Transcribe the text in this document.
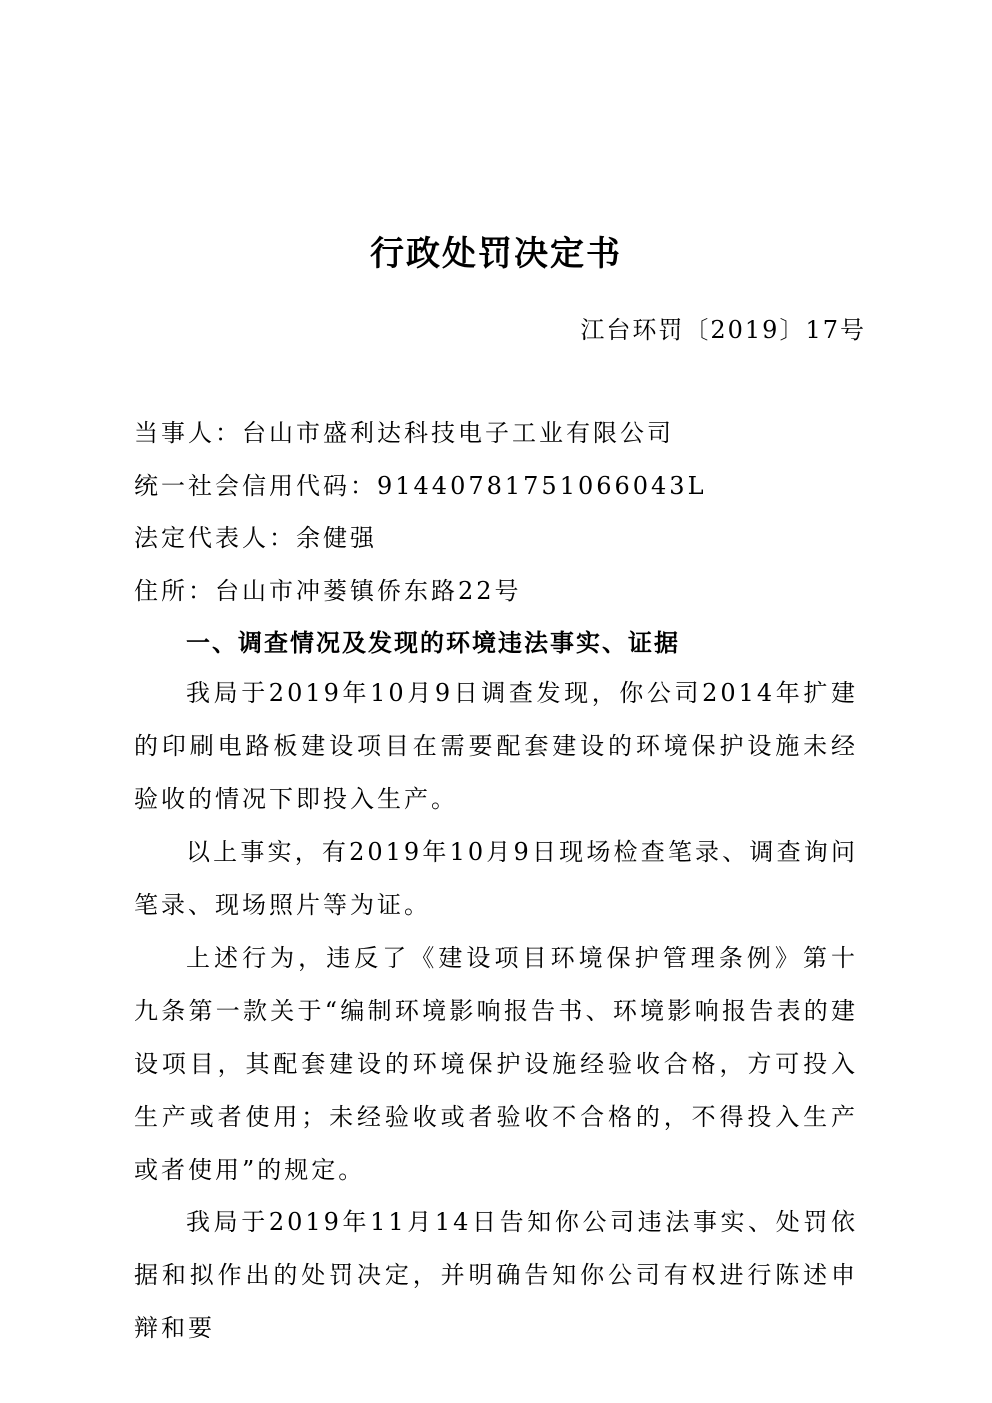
行政处罚决定书
江台环罚〔2019〕17号
当事人：台山市盛利达科技电子工业有限公司
统一社会信用代码：91440781751066043L
法定代表人：余健强
住所：台山市冲蒌镇侨东路22号
一、调查情况及发现的环境违法事实、证据
我局于2019年10月9日调查发现，你公司2014年扩建的印刷电路板建设项目在需要配套建设的环境保护设施未经验收的情况下即投入生产。
以上事实，有2019年10月9日现场检查笔录、调查询问笔录、现场照片等为证。
上述行为，违反了《建设项目环境保护管理条例》第十九条第一款关于“编制环境影响报告书、环境影响报告表的建设项目，其配套建设的环境保护设施经验收合格，方可投入生产或者使用；未经验收或者验收不合格的，不得投入生产或者使用”的规定。
我局于2019年11月14日告知你公司违法事实、处罚依据和拟作出的处罚决定，并明确告知你公司有权进行陈述申辩和要
